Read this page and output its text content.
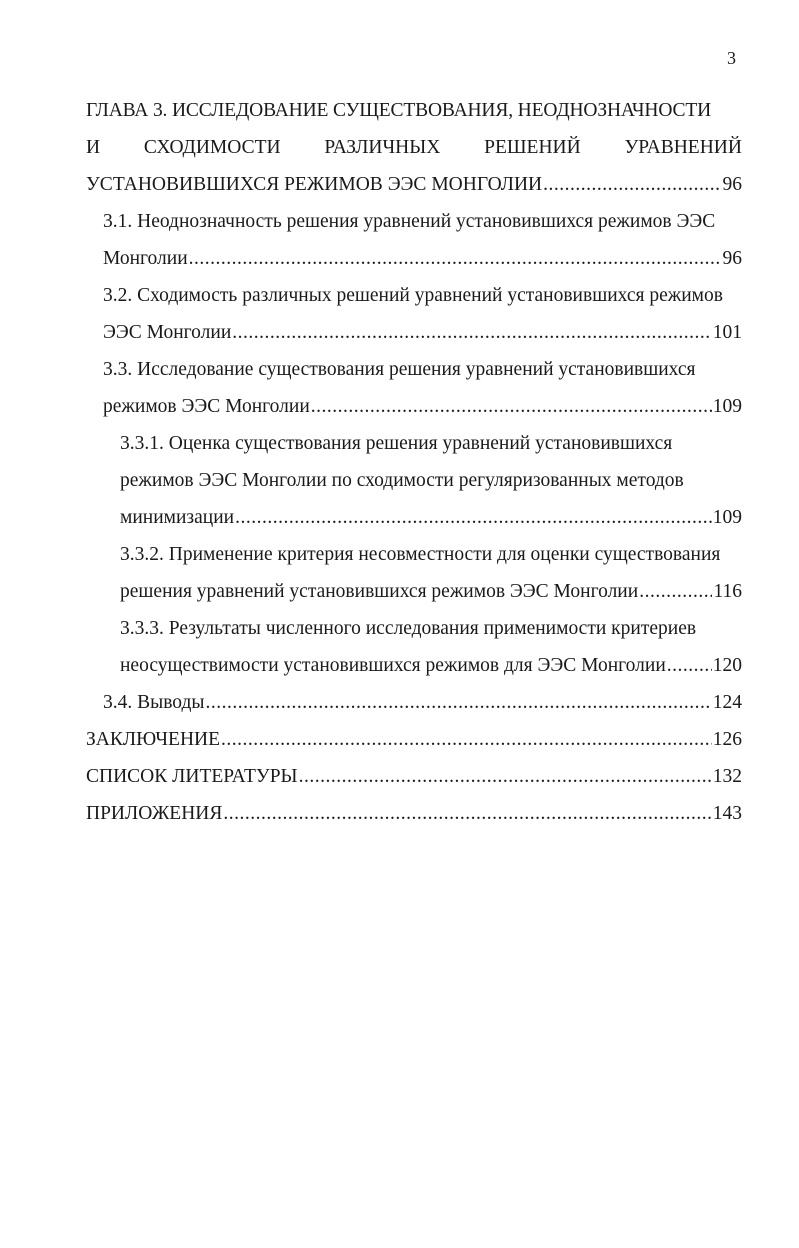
3
ГЛАВА 3. ИССЛЕДОВАНИЕ СУЩЕСТВОВАНИЯ, НЕОДНОЗНАЧНОСТИ
И СХОДИМОСТИ РАЗЛИЧНЫХ РЕШЕНИЙ УРАВНЕНИЙ
УСТАНОВИВШИХСЯ РЕЖИМОВ ЭЭС МОНГОЛИИ .....	96
3.1. Неоднозначность решения уравнений установившихся режимов ЭЭС
Монголии .....	96
3.2. Сходимость различных решений уравнений установившихся режимов
ЭЭС Монголии .....	101
3.3. Исследование существования решения уравнений установившихся
режимов ЭЭС Монголии .....	109
3.3.1. Оценка существования решения уравнений установившихся
режимов ЭЭС Монголии по сходимости регуляризованных методов
минимизации .....	109
3.3.2. Применение критерия несовместности для оценки существования
решения уравнений установившихся режимов ЭЭС Монголии .....	116
3.3.3. Результаты численного исследования применимости критериев
неосуществимости установившихся режимов для ЭЭС Монголии ..... 120
3.4. Выводы .....	124
ЗАКЛЮЧЕНИЕ .....	126
СПИСОК ЛИТЕРАТУРЫ .....	132
ПРИЛОЖЕНИЯ .....	143
